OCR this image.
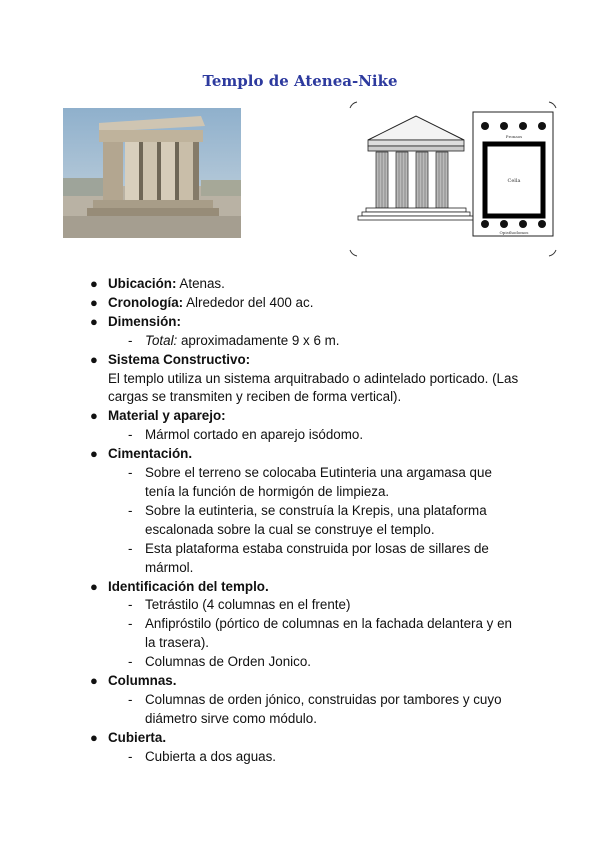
Templo de Atenea-Nike
Cella
Pronaos
Opisthodomos
● Ubicación: Atenas.
● Cronología: Alrededor del 400 ac.
● Dimensión:
- Total: aproximadamente 9 x 6 m.
● Sistema Constructivo:
El templo utiliza un sistema arquitrabado o adintelado porticado. (Las cargas se transmiten y reciben de forma vertical).
● Material y aparejo:
- Mármol cortado en aparejo isódomo.
● Cimentación.
- Sobre el terreno se colocaba Eutinteria una argamasa que tenía la función de hormigón de limpieza.
- Sobre la eutinteria, se construía la Krepis, una plataforma escalonada sobre la cual se construye el templo.
- Esta plataforma estaba construida por losas de sillares de mármol.
● Identificación del templo.
- Tetrástilo (4 columnas en el frente)
- Anfipróstilo (pórtico de columnas en la fachada delantera y en la trasera).
- Columnas de Orden Jonico.
● Columnas.
- Columnas de orden jónico, construidas por tambores y cuyo diámetro sirve como módulo.
● Cubierta.
- Cubierta a dos aguas.
